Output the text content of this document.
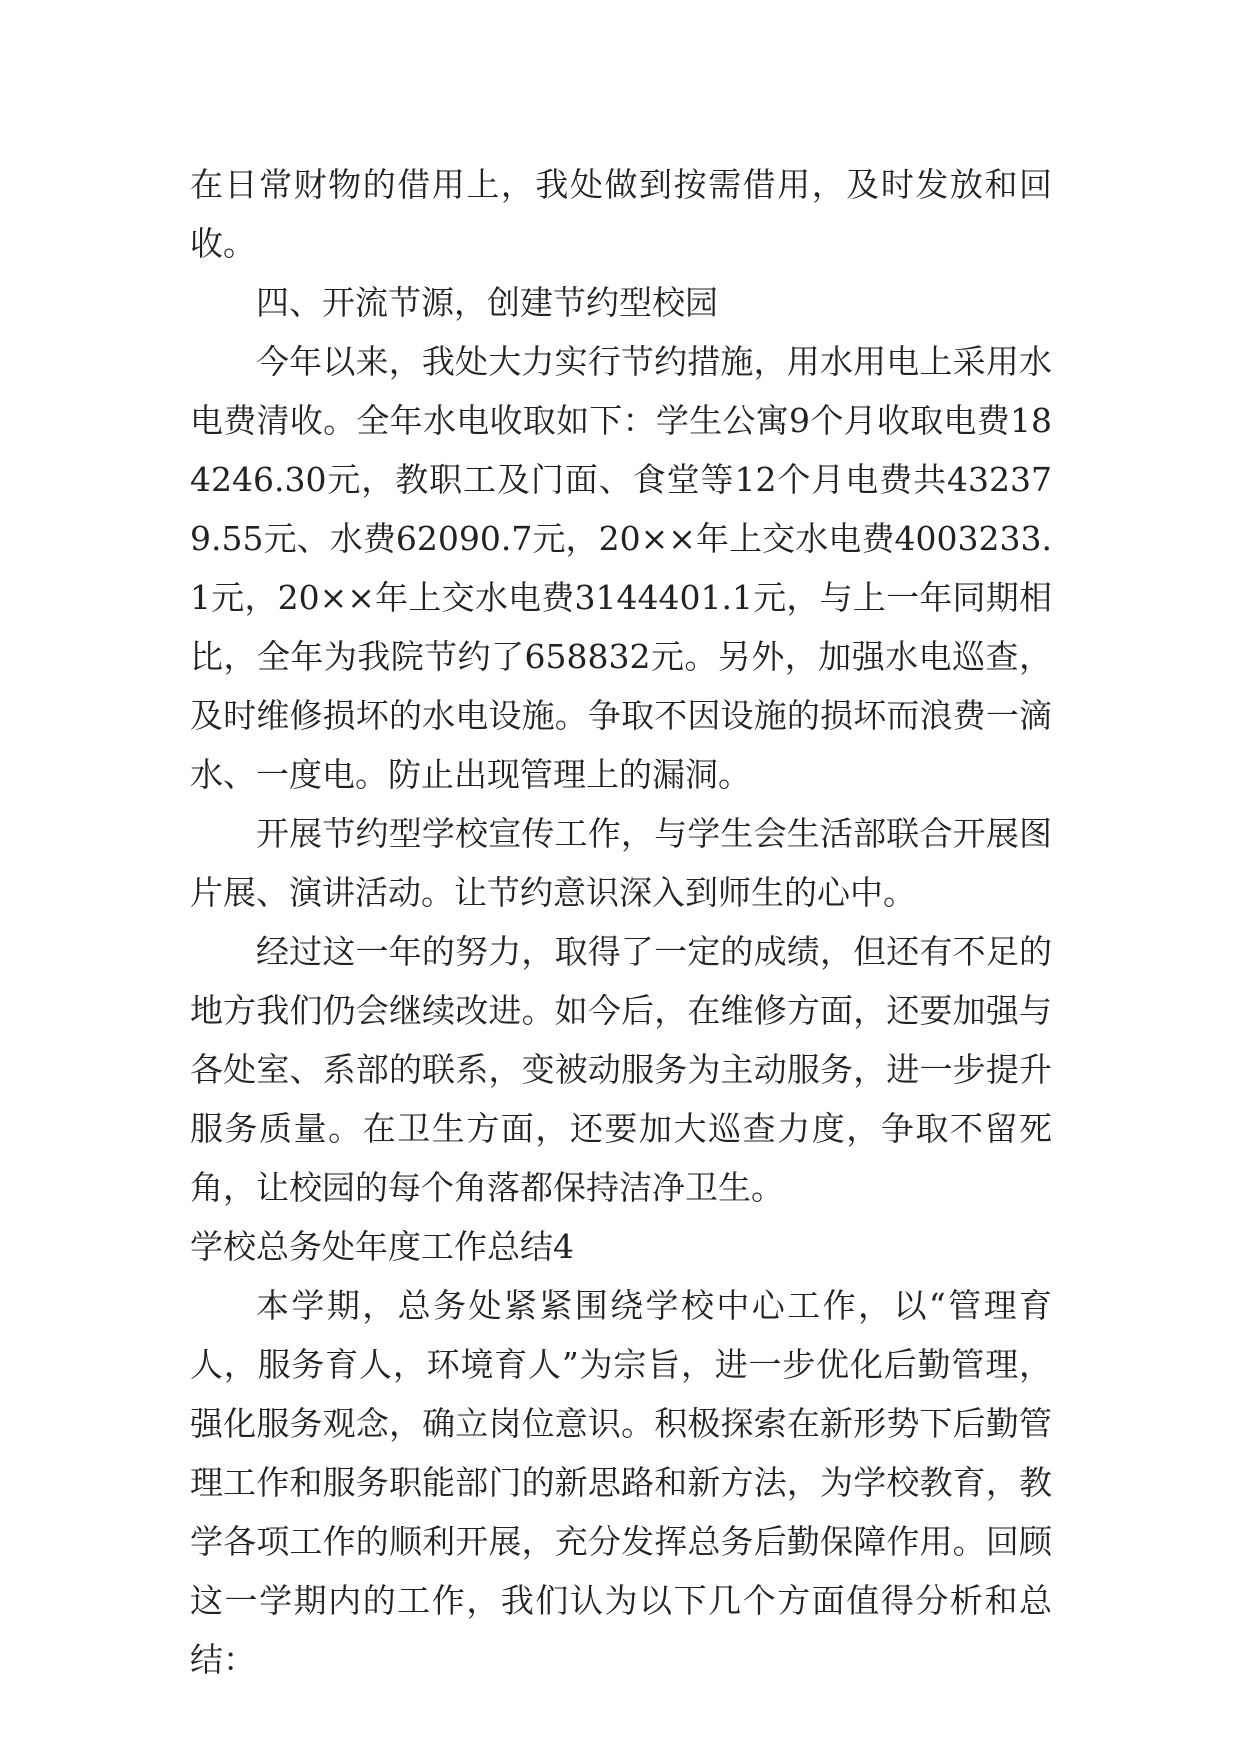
在日常财物的借用上，我处做到按需借用，及时发放和回收。

四、开流节源，创建节约型校园

今年以来，我处大力实行节约措施，用水用电上采用水电费清收。全年水电收取如下：学生公寓9个月收取电费184246.30元，教职工及门面、食堂等12个月电费共432379.55元、水费62090.7元，20××年上交水电费4003233.1元，20××年上交水电费3144401.1元，与上一年同期相比，全年为我院节约了658832元。另外，加强水电巡查，及时维修损坏的水电设施。争取不因设施的损坏而浪费一滴水、一度电。防止出现管理上的漏洞。

开展节约型学校宣传工作，与学生会生活部联合开展图片展、演讲活动。让节约意识深入到师生的心中。

经过这一年的努力，取得了一定的成绩，但还有不足的地方我们仍会继续改进。如今后，在维修方面，还要加强与各处室、系部的联系，变被动服务为主动服务，进一步提升服务质量。在卫生方面，还要加大巡查力度，争取不留死角，让校园的每个角落都保持洁净卫生。

学校总务处年度工作总结4

本学期，总务处紧紧围绕学校中心工作，以“管理育人，服务育人，环境育人”为宗旨，进一步优化后勤管理，强化服务观念，确立岗位意识。积极探索在新形势下后勤管理工作和服务职能部门的新思路和新方法，为学校教育，教学各项工作的顺利开展，充分发挥总务后勤保障作用。回顾这一学期内的工作，我们认为以下几个方面值得分析和总结：
